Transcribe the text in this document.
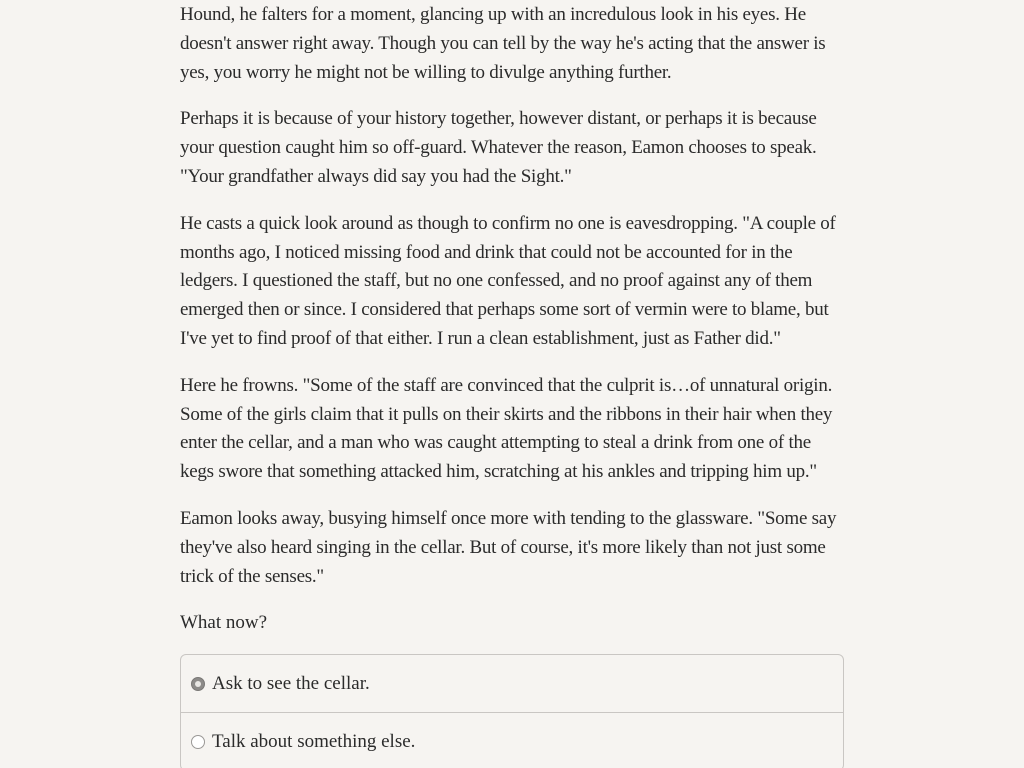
Hound, he falters for a moment, glancing up with an incredulous look in his eyes. He doesn't answer right away. Though you can tell by the way he's acting that the answer is yes, you worry he might not be willing to divulge anything further.

Perhaps it is because of your history together, however distant, or perhaps it is because your question caught him so off-guard. Whatever the reason, Eamon chooses to speak. "Your grandfather always did say you had the Sight."

He casts a quick look around as though to confirm no one is eavesdropping. "A couple of months ago, I noticed missing food and drink that could not be accounted for in the ledgers. I questioned the staff, but no one confessed, and no proof against any of them emerged then or since. I considered that perhaps some sort of vermin were to blame, but I've yet to find proof of that either. I run a clean establishment, just as Father did."

Here he frowns. "Some of the staff are convinced that the culprit is…of unnatural origin. Some of the girls claim that it pulls on their skirts and the ribbons in their hair when they enter the cellar, and a man who was caught attempting to steal a drink from one of the kegs swore that something attacked him, scratching at his ankles and tripping him up."

Eamon looks away, busying himself once more with tending to the glassware. "Some say they've also heard singing in the cellar. But of course, it's more likely than not just some trick of the senses."

What now?

Ask to see the cellar.
Talk about something else.
